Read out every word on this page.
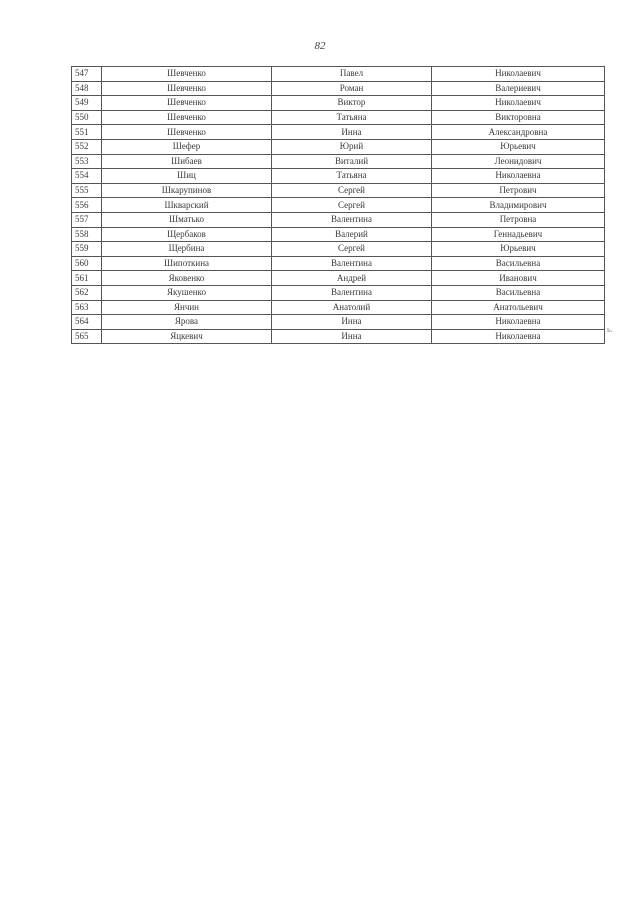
82
547	Шевченко	Павел	Николаевич
548	Шевченко	Роман	Валериевич
549	Шевченко	Виктор	Николаевич
550	Шевченко	Татьяна	Викторовна
551	Шевченко	Инна	Александровна
552	Шефер	Юрий	Юрьевич
553	Шибаев	Виталий	Леонидович
554	Шиц	Татьяна	Николаевна
555	Шкарупинов	Сергей	Петрович
556	Шкварский	Сергей	Владимирович
557	Шматько	Валентина	Петровна
558	Щербаков	Валерий	Геннадьевич
559	Щербина	Сергей	Юрьевич
560	Шипоткина	Валентина	Васильевна
561	Яковенко	Андрей	Иванович
562	Якушенко	Валентина	Васильевна
563	Янчин	Анатолий	Анатольевич
564	Ярова	Инна	Николаевна
565	Яцкевич	Инна	Николаевна
ь.
